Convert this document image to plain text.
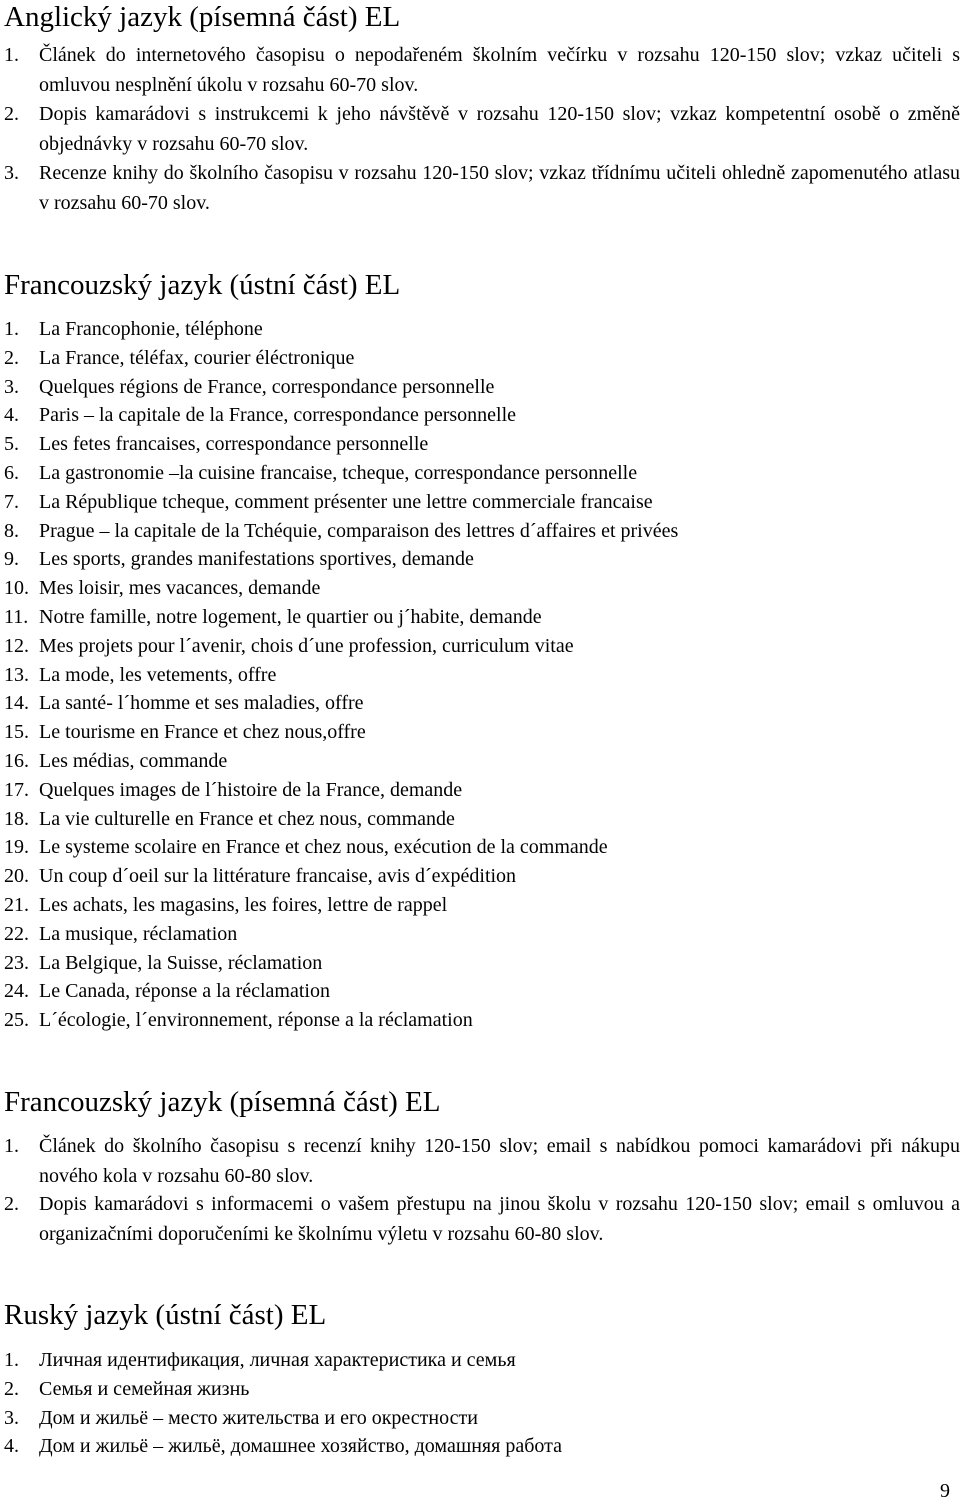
Anglický jazyk (písemná část) EL
1. Článek do internetového časopisu o nepodařeném školním večírku v rozsahu 120-150 slov; vzkaz učiteli s omluvou nesplnění úkolu v rozsahu 60-70 slov.
2. Dopis kamarádovi s instrukcemi k jeho návštěvě v rozsahu 120-150 slov; vzkaz kompetentní osobě o změně objednávky v rozsahu 60-70 slov.
3. Recenze knihy do školního časopisu v rozsahu 120-150 slov; vzkaz třídnímu učiteli ohledně zapomenutého atlasu v rozsahu 60-70 slov.
Francouzský jazyk (ústní část) EL
1. La Francophonie, téléphone
2. La France, téléfax, courier éléctronique
3. Quelques régions de France, correspondance personnelle
4. Paris – la capitale de la France, correspondance personnelle
5. Les fetes francaises, correspondance personnelle
6. La gastronomie –la cuisine francaise, tcheque, correspondance personnelle
7. La République tcheque, comment présenter une lettre commerciale francaise
8. Prague – la capitale de la Tchéquie, comparaison des lettres d´affaires et privées
9. Les sports, grandes manifestations sportives, demande
10. Mes loisir, mes vacances, demande
11. Notre famille, notre logement, le quartier ou j´habite, demande
12. Mes projets pour l´avenir, chois d´une profession, curriculum vitae
13. La mode, les vetements, offre
14. La santé- l´homme et ses maladies, offre
15. Le tourisme en France et chez nous,offre
16. Les médias, commande
17. Quelques images de l´histoire de la France, demande
18. La vie culturelle en France et chez nous, commande
19. Le systeme scolaire en France et chez nous, exécution de la commande
20. Un coup d´oeil sur la littérature francaise, avis d´expédition
21. Les achats, les magasins, les foires, lettre de rappel
22. La musique, réclamation
23. La Belgique, la Suisse, réclamation
24. Le Canada, réponse a la réclamation
25. L´écologie, l´environnement, réponse a la réclamation
Francouzský jazyk (písemná část) EL
1. Článek do školního časopisu s recenzí knihy 120-150 slov; email s nabídkou pomoci kamarádovi při nákupu nového kola v rozsahu 60-80 slov.
2. Dopis kamarádovi s informacemi o vašem přestupu na jinou školu v rozsahu 120-150 slov; email s omluvou a organizačními doporučeními ke školnímu výletu v rozsahu 60-80 slov.
Ruský jazyk (ústní část) EL
1. Личная идентификация, личная характеристика и семья
2. Семья и семейная жизнь
3. Дом и жильё – место жительства и его окрестности
4. Дом и жильё – жильë, домашнее хозяйство, домашняя работа
9
